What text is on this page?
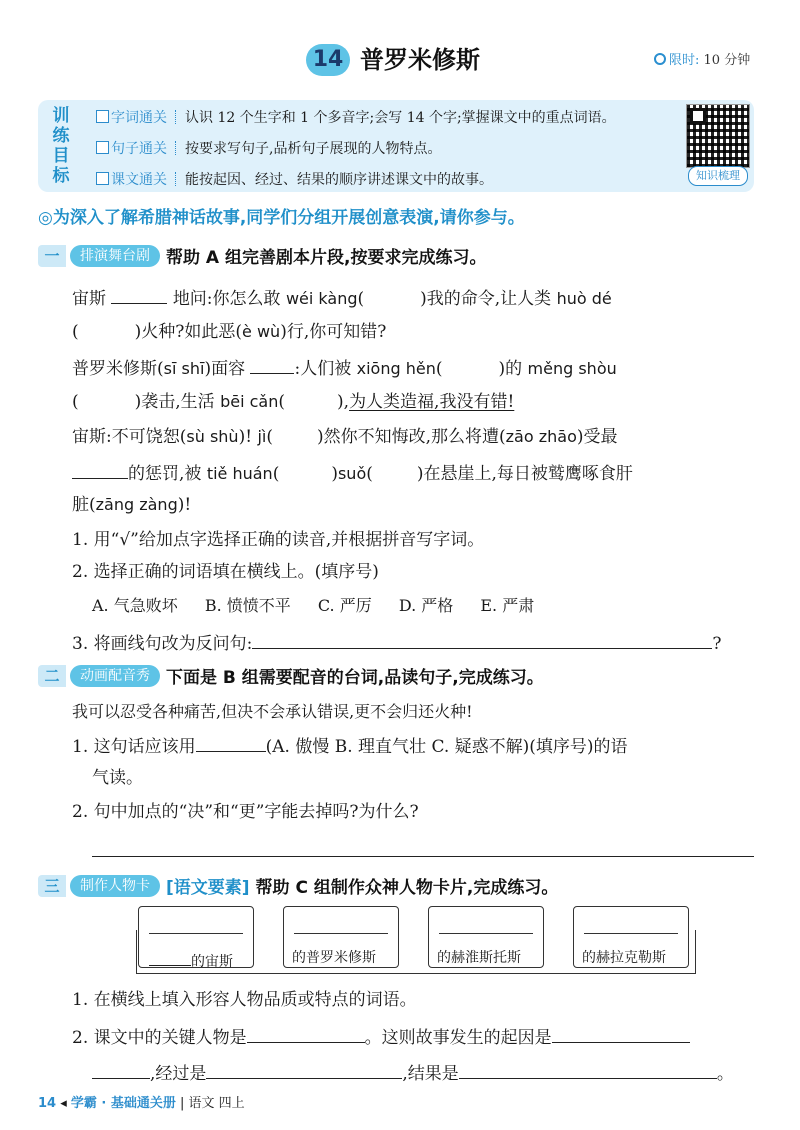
14 普罗米修斯	限时: 10 分钟
训练目标
字词通关 认识 12 个生字和 1 个多音字;会写 14 个字;掌握课文中的重点词语。
句子通关 按要求写句子,品析句子展现的人物特点。
课文通关 能按起因、经过、结果的顺序讲述课文中的故事。	知识梳理
◎为深入了解希腊神话故事,同学们分组开展创意表演,请你参与。
一 排演舞台剧 帮助 A 组完善剧本片段,按要求完成练习。
宙斯	地问:你怎么敢 wéi kàng(	)我的命令,让人类 huò dé
(	)火种?如此恶(è wù)行,你可知错?
普罗米修斯(sī shī)面容	:人们被 xiōng hěn(	)的 měng shòu
(	)袭击,生活 bēi cǎn(	),为人类造福,我没有错!
宙斯:不可饶恕(sù shù)! jì(	)然你不知悔改,那么将遭(zāo zhāo)受最
的惩罚,被 tiě huán(	)suǒ(	)在悬崖上,每日被鹫鹰啄食肝
脏(zāng zàng)!
1. 用“√”给加点字选择正确的读音,并根据拼音写字词。
2. 选择正确的词语填在横线上。(填序号)
A. 气急败坏 B. 愤愤不平 C. 严厉 D. 严格 E. 严肃
3. 将画线句改为反问句:	?
二 动画配音秀 下面是 B 组需要配音的台词,品读句子,完成练习。
我可以忍受各种痛苦,但决不会承认错误,更不会归还火种!
1. 这句话应该用	(A. 傲慢 B. 理直气壮 C. 疑惑不解)(填序号)的语
气读。
2. 句中加点的“决”和“更”字能去掉吗?为什么?
三 制作人物卡 [语文要素] 帮助 C 组制作众神人物卡片,完成练习。
的宙斯	的普罗米修斯	的赫淮斯托斯	的赫拉克勒斯
1. 在横线上填入形容人物品质或特点的词语。
2. 课文中的关键人物是	。这则故事发生的起因是
,经过是	,结果是	。
14 ◂ 学霸 · 基础通关册 | 语文 四上
